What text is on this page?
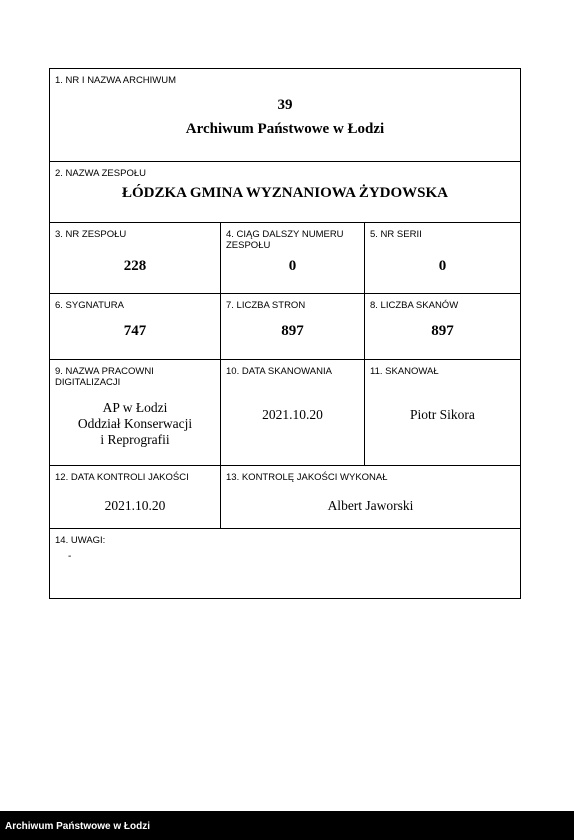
1. NR I NAZWA ARCHIWUM
39
Archiwum Państwowe w Łodzi
2. NAZWA ZESPOŁU
ŁÓDZKA GMINA WYZNANIOWA ŻYDOWSKA
3. NR ZESPOŁU
228
4. CIĄG DALSZY NUMERU ZESPOŁU
0
5. NR SERII
0
6. SYGNATURA
747
7. LICZBA STRON
897
8. LICZBA SKANÓW
897
9. NAZWA PRACOWNI DIGITALIZACJI
AP w Łodzi
Oddział Konserwacji
i Reprografii
10. DATA SKANOWANIA
2021.10.20
11. SKANOWAŁ
Piotr Sikora
12. DATA KONTROLI JAKOŚCI
2021.10.20
13. KONTROLĘ JAKOŚCI WYKONAŁ
Albert Jaworski
14. UWAGI:
-
Archiwum Państwowe w Łodzi
